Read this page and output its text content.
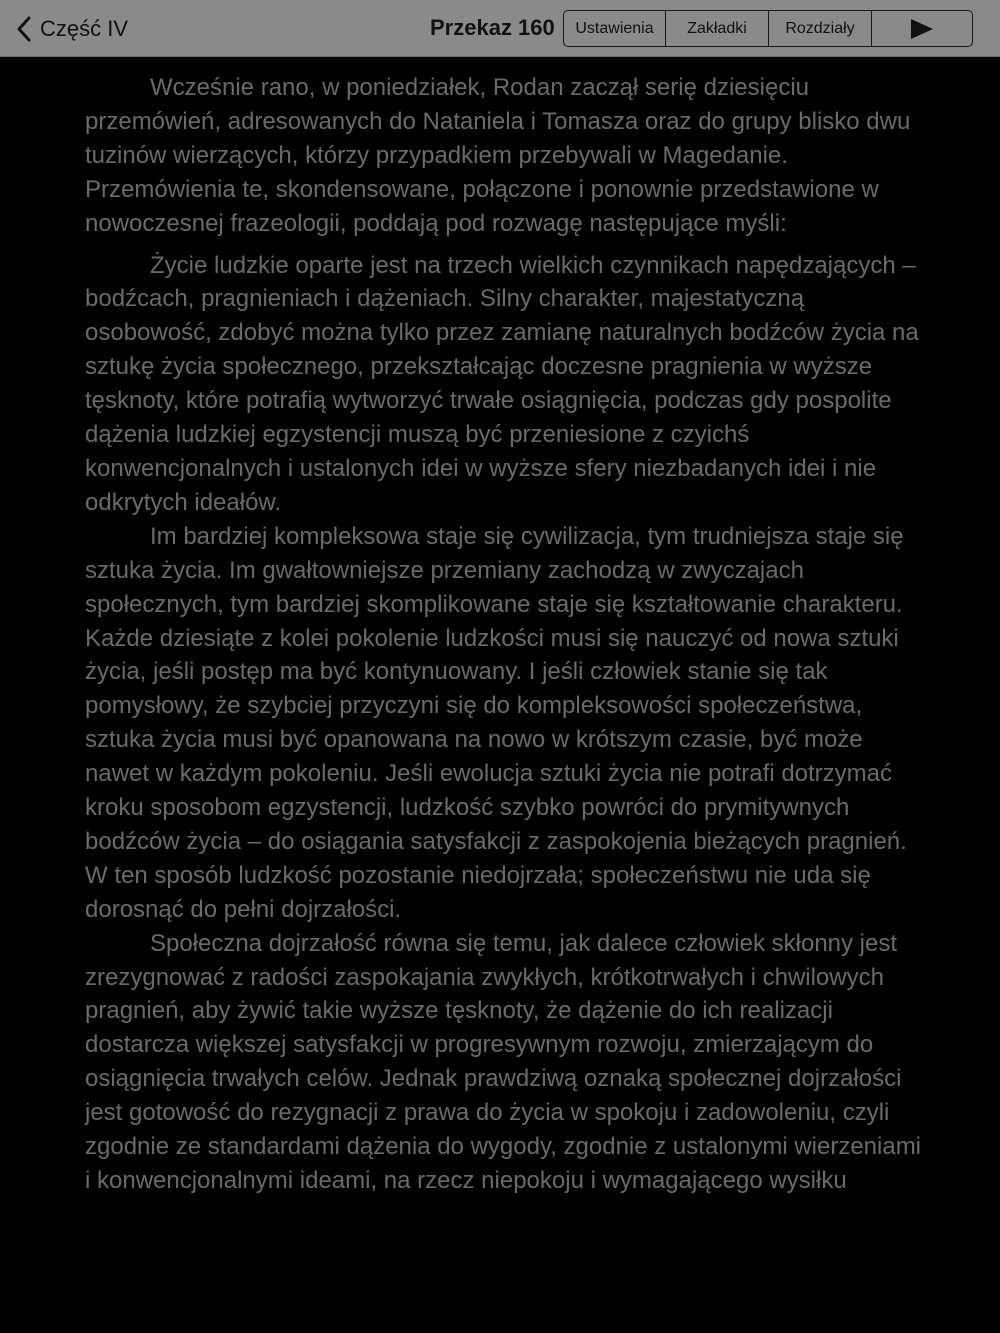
Część IV	Przekaz 160	Ustawienia	Zakładki	Rozdziały

Wcześnie rano, w poniedziałek, Rodan zaczął serię dziesięciu przemówień, adresowanych do Nataniela i Tomasza oraz do grupy blisko dwu tuzinów wierzących, którzy przypadkiem przebywali w Magedanie. Przemówienia te, skondensowane, połączone i ponownie przedstawione w nowoczesnej frazeologii, poddają pod rozwagę następujące myśli:

Życie ludzkie oparte jest na trzech wielkich czynnikach napędzających – bodźcach, pragnieniach i dążeniach. Silny charakter, majestatyczną osobowość, zdobyć można tylko przez zamianę naturalnych bodźców życia na sztukę życia społecznego, przekształcając doczesne pragnienia w wyższe tęsknoty, które potrafią wytworzyć trwałe osiągnięcia, podczas gdy pospolite dążenia ludzkiej egzystencji muszą być przeniesione z czyichś konwencjonalnych i ustalonych idei w wyższe sfery niezbadanych idei i nie odkrytych ideałów.

Im bardziej kompleksowa staje się cywilizacja, tym trudniejsza staje się sztuka życia. Im gwałtowniejsze przemiany zachodzą w zwyczajach społecznych, tym bardziej skomplikowane staje się kształtowanie charakteru. Każde dziesiąte z kolei pokolenie ludzkości musi się nauczyć od nowa sztuki życia, jeśli postęp ma być kontynuowany. I jeśli człowiek stanie się tak pomysłowy, że szybciej przyczyni się do kompleksowości społeczeństwa, sztuka życia musi być opanowana na nowo w krótszym czasie, być może nawet w każdym pokoleniu. Jeśli ewolucja sztuki życia nie potrafi dotrzymać kroku sposobom egzystencji, ludzkość szybko powróci do prymitywnych bodźców życia – do osiągania satysfakcji z zaspokojenia bieżących pragnień. W ten sposób ludzkość pozostanie niedojrzała; społeczeństwu nie uda się dorosnąć do pełni dojrzałości.

Społeczna dojrzałość równa się temu, jak dalece człowiek skłonny jest zrezygnować z radości zaspokajania zwykłych, krótkotrwałych i chwilowych pragnień, aby żywić takie wyższe tęsknoty, że dążenie do ich realizacji dostarcza większej satysfakcji w progresywnym rozwoju, zmierzającym do osiągnięcia trwałych celów. Jednak prawdziwą oznaką społecznej dojrzałości jest gotowość do rezygnacji z prawa do życia w spokoju i zadowoleniu, czyli zgodnie ze standardami dążenia do wygody, zgodnie z ustalonymi wierzeniami i konwencjonalnymi ideami, na rzecz niepokoju i wymagającego wysiłku
